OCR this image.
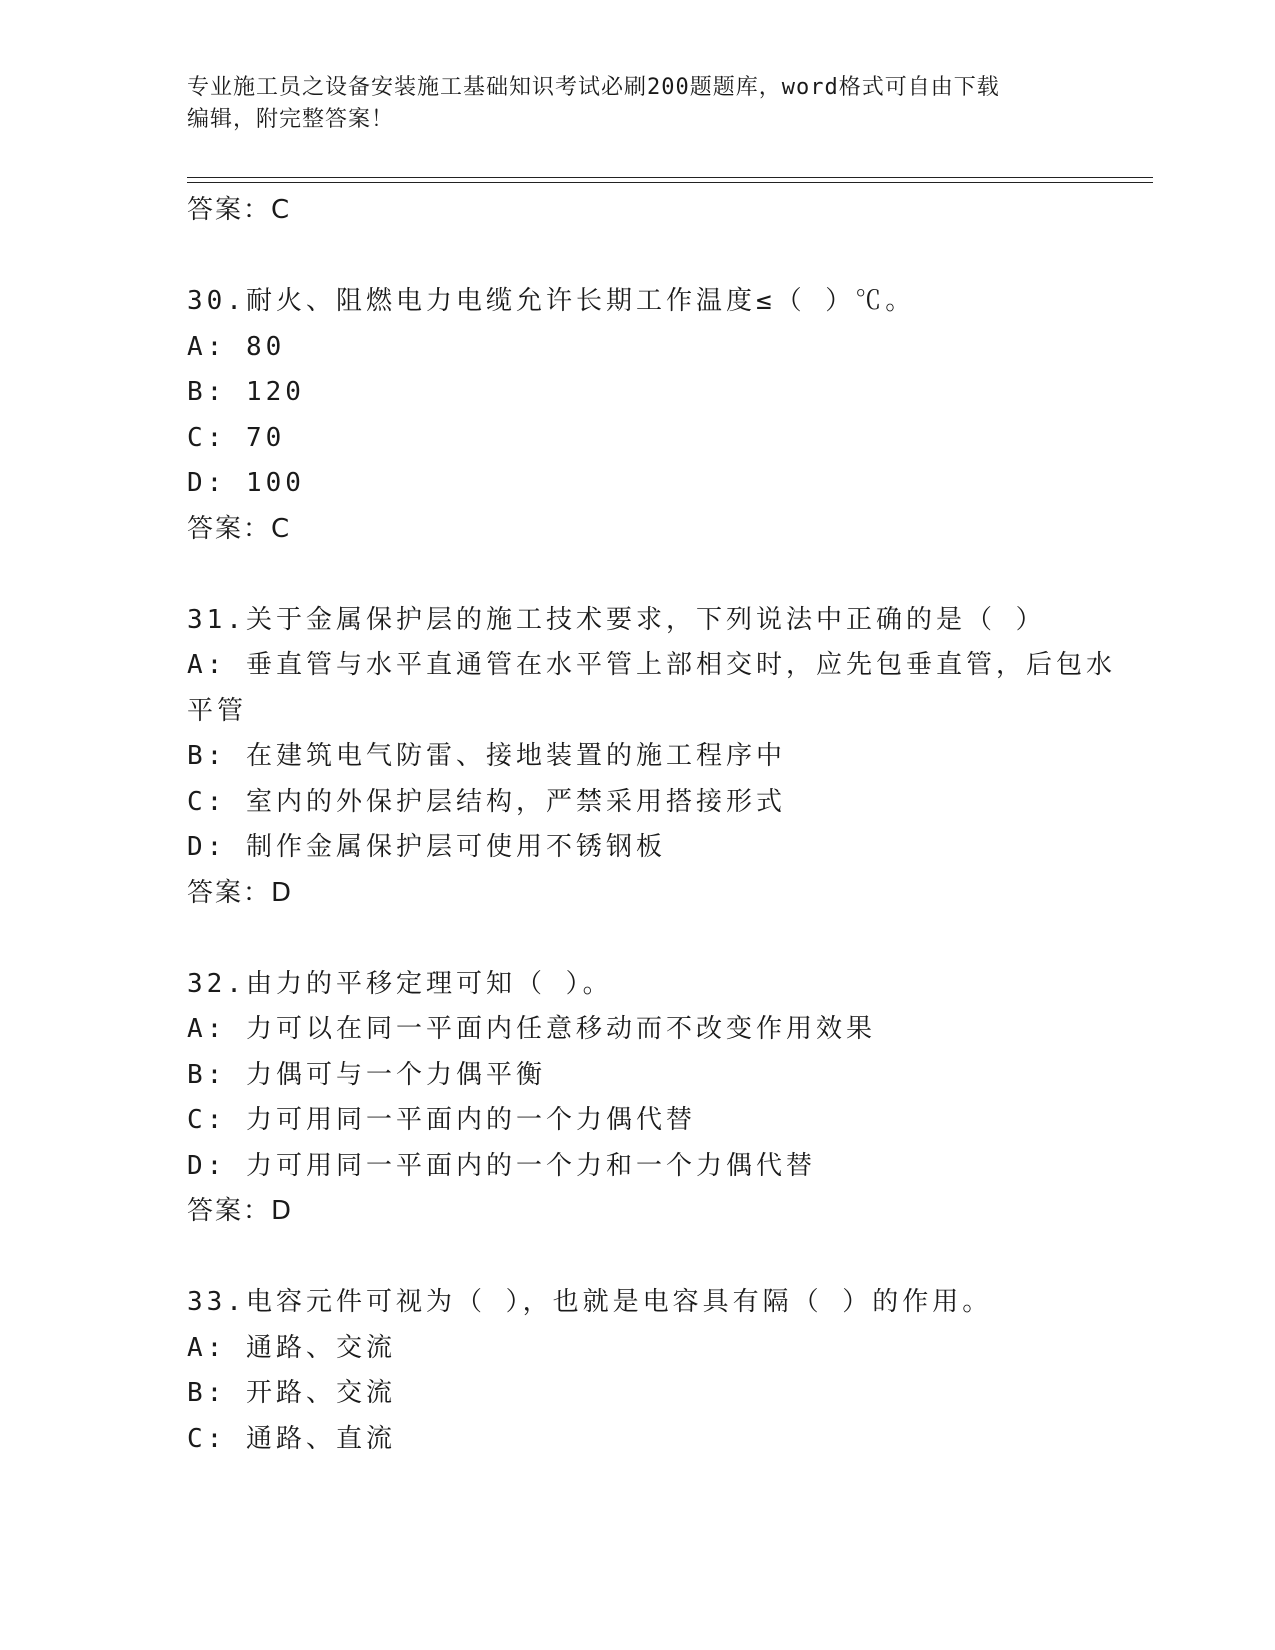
专业施工员之设备安装施工基础知识考试必刷200题题库，word格式可自由下载
编辑，附完整答案！
答案：C
30.耐火、阻燃电力电缆允许长期工作温度≤（ ）℃。
A: 80
B: 120
C: 70
D: 100
答案：C
31.关于金属保护层的施工技术要求，下列说法中正确的是（ ）
A: 垂直管与水平直通管在水平管上部相交时，应先包垂直管，后包水
平管
B: 在建筑电气防雷、接地装置的施工程序中
C: 室内的外保护层结构，严禁采用搭接形式
D: 制作金属保护层可使用不锈钢板
答案：D
32.由力的平移定理可知（ ）。
A: 力可以在同一平面内任意移动而不改变作用效果
B: 力偶可与一个力偶平衡
C: 力可用同一平面内的一个力偶代替
D: 力可用同一平面内的一个力和一个力偶代替
答案：D
33.电容元件可视为（ ），也就是电容具有隔（ ）的作用。
A: 通路、交流
B: 开路、交流
C: 通路、直流
